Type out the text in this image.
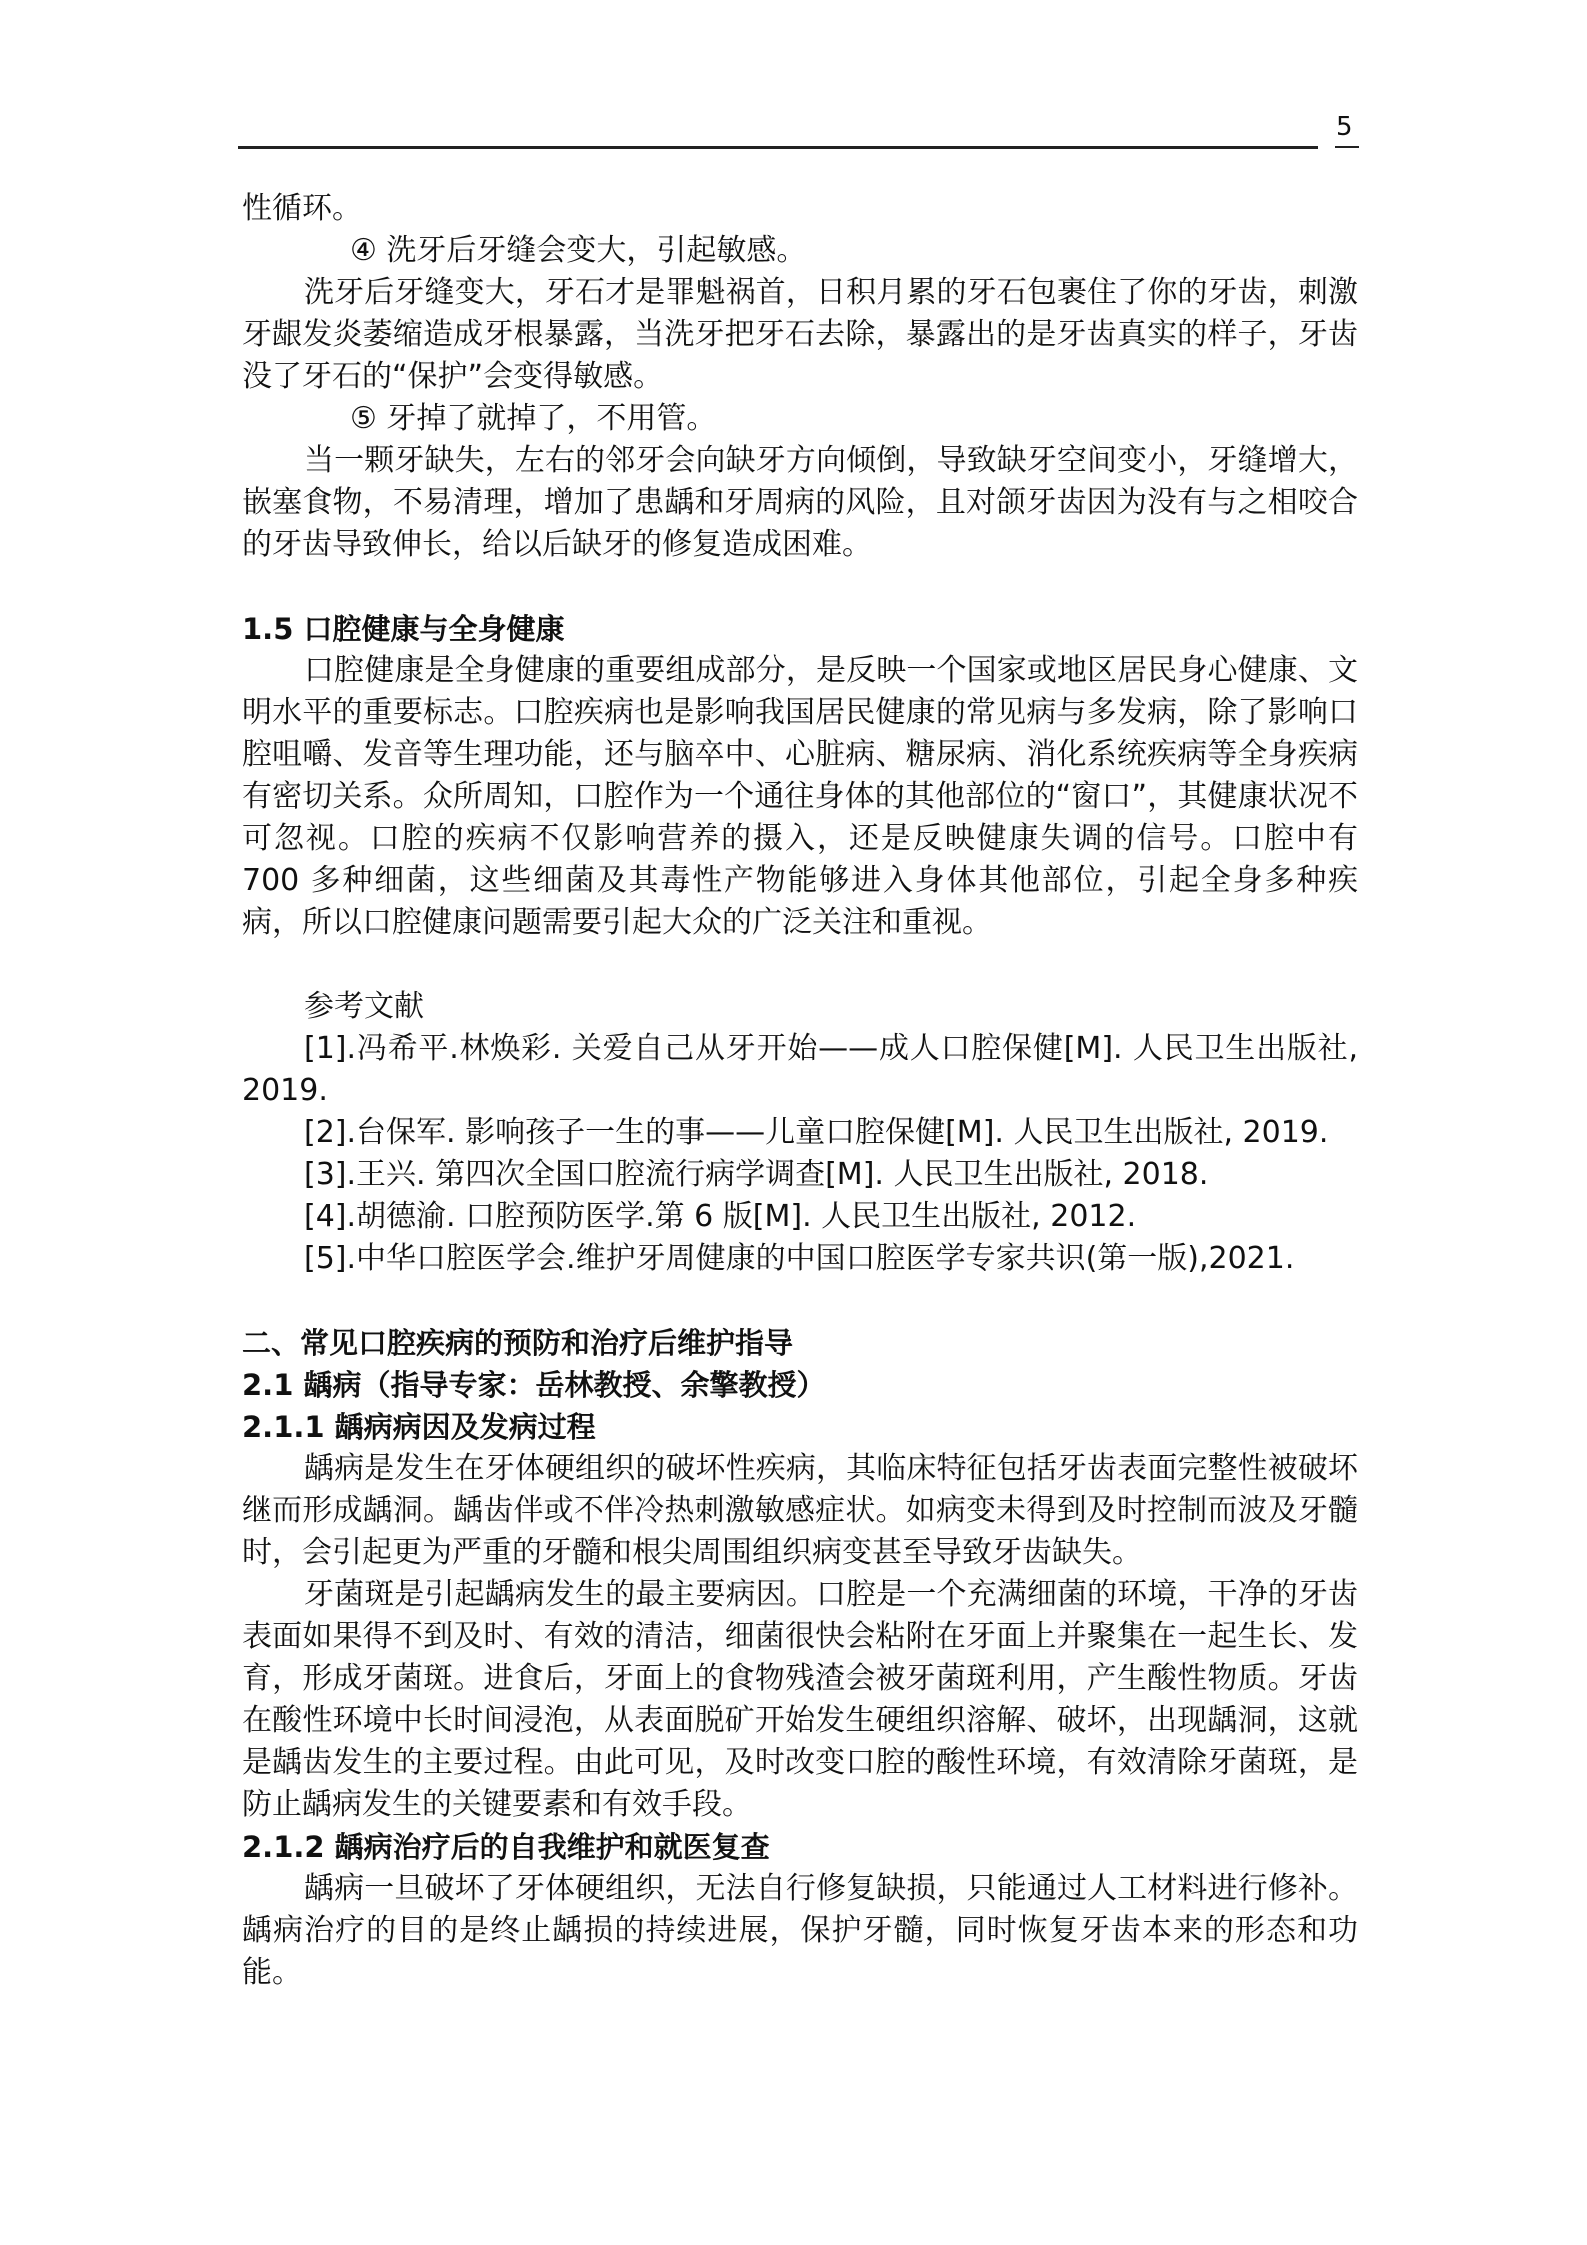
5

性循环。

④ 洗牙后牙缝会变大，引起敏感。

洗牙后牙缝变大，牙石才是罪魁祸首，日积月累的牙石包裹住了你的牙齿，刺激牙龈发炎萎缩造成牙根暴露，当洗牙把牙石去除，暴露出的是牙齿真实的样子，牙齿没了牙石的“保护”会变得敏感。

⑤ 牙掉了就掉了，不用管。

当一颗牙缺失，左右的邻牙会向缺牙方向倾倒，导致缺牙空间变小，牙缝增大，嵌塞食物，不易清理，增加了患龋和牙周病的风险，且对颌牙齿因为没有与之相咬合的牙齿导致伸长，给以后缺牙的修复造成困难。

1.5 口腔健康与全身健康

口腔健康是全身健康的重要组成部分，是反映一个国家或地区居民身心健康、文明水平的重要标志。口腔疾病也是影响我国居民健康的常见病与多发病，除了影响口腔咀嚼、发音等生理功能，还与脑卒中、心脏病、糖尿病、消化系统疾病等全身疾病有密切关系。众所周知，口腔作为一个通往身体的其他部位的“窗口”，其健康状况不可忽视。口腔的疾病不仅影响营养的摄入，还是反映健康失调的信号。口腔中有 700 多种细菌，这些细菌及其毒性产物能够进入身体其他部位，引起全身多种疾病，所以口腔健康问题需要引起大众的广泛关注和重视。

参考文献

[1].冯希平.林焕彩. 关爱自己从牙开始——成人口腔保健[M]. 人民卫生出版社, 2019.

[2].台保军. 影响孩子一生的事——儿童口腔保健[M]. 人民卫生出版社, 2019.

[3].王兴. 第四次全国口腔流行病学调查[M]. 人民卫生出版社, 2018.

[4].胡德渝. 口腔预防医学.第 6 版[M]. 人民卫生出版社, 2012.

[5].中华口腔医学会.维护牙周健康的中国口腔医学专家共识(第一版),2021.

二、常见口腔疾病的预防和治疗后维护指导

2.1 龋病（指导专家：岳林教授、余擎教授）

2.1.1 龋病病因及发病过程

龋病是发生在牙体硬组织的破坏性疾病，其临床特征包括牙齿表面完整性被破坏继而形成龋洞。龋齿伴或不伴冷热刺激敏感症状。如病变未得到及时控制而波及牙髓时，会引起更为严重的牙髓和根尖周围组织病变甚至导致牙齿缺失。

牙菌斑是引起龋病发生的最主要病因。口腔是一个充满细菌的环境，干净的牙齿表面如果得不到及时、有效的清洁，细菌很快会粘附在牙面上并聚集在一起生长、发育，形成牙菌斑。进食后，牙面上的食物残渣会被牙菌斑利用，产生酸性物质。牙齿在酸性环境中长时间浸泡，从表面脱矿开始发生硬组织溶解、破坏，出现龋洞，这就是龋齿发生的主要过程。由此可见，及时改变口腔的酸性环境，有效清除牙菌斑，是防止龋病发生的关键要素和有效手段。

2.1.2 龋病治疗后的自我维护和就医复查

龋病一旦破坏了牙体硬组织，无法自行修复缺损，只能通过人工材料进行修补。龋病治疗的目的是终止龋损的持续进展，保护牙髓，同时恢复牙齿本来的形态和功能。
